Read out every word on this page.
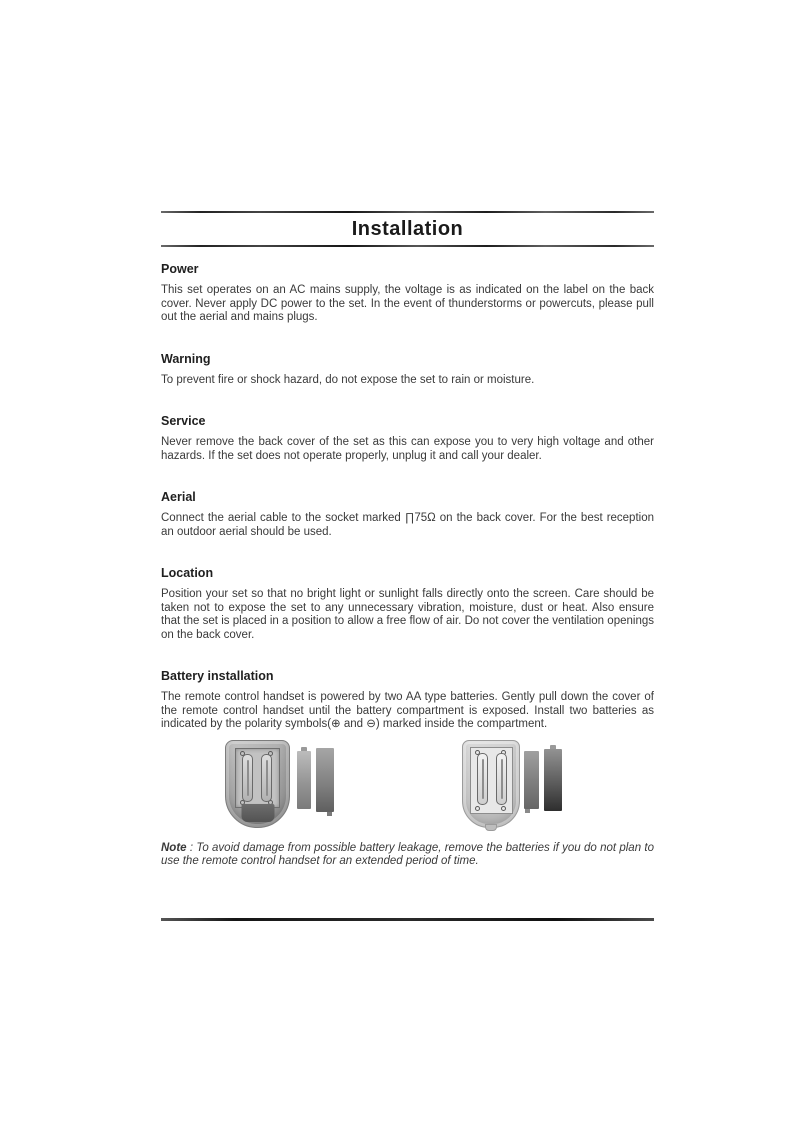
Installation
Power

This set operates on an AC mains supply, the voltage is as indicated on the label on the back cover. Never apply DC power to the set. In the event of thunderstorms or powercuts, please pull out the aerial and mains plugs.

Warning

To prevent fire or shock hazard, do not expose the set to rain or moisture.

Service

Never remove the back cover of the set as this can expose you to very high voltage and other hazards. If the set does not operate properly, unplug it and call your dealer.

Aerial

Connect the aerial cable to the socket marked ∏75Ω on the back cover. For the best reception an outdoor aerial should be used.

Location

Position your set so that no bright light or sunlight falls directly onto the screen. Care should be taken not to expose the set to any unnecessary vibration, moisture, dust or heat. Also ensure that the set is placed in a position to allow a free flow of air. Do not cover the ventilation openings on the back cover.

Battery installation

The remote control handset is powered by two AA type batteries. Gently pull down the cover of the remote control handset until the battery compartment is exposed. Install two batteries as indicated by the polarity symbols(⊕ and ⊖) marked inside the compartment.

Note : To avoid damage from possible battery leakage, remove the batteries if you do not plan to use the remote control handset for an extended period of time.
